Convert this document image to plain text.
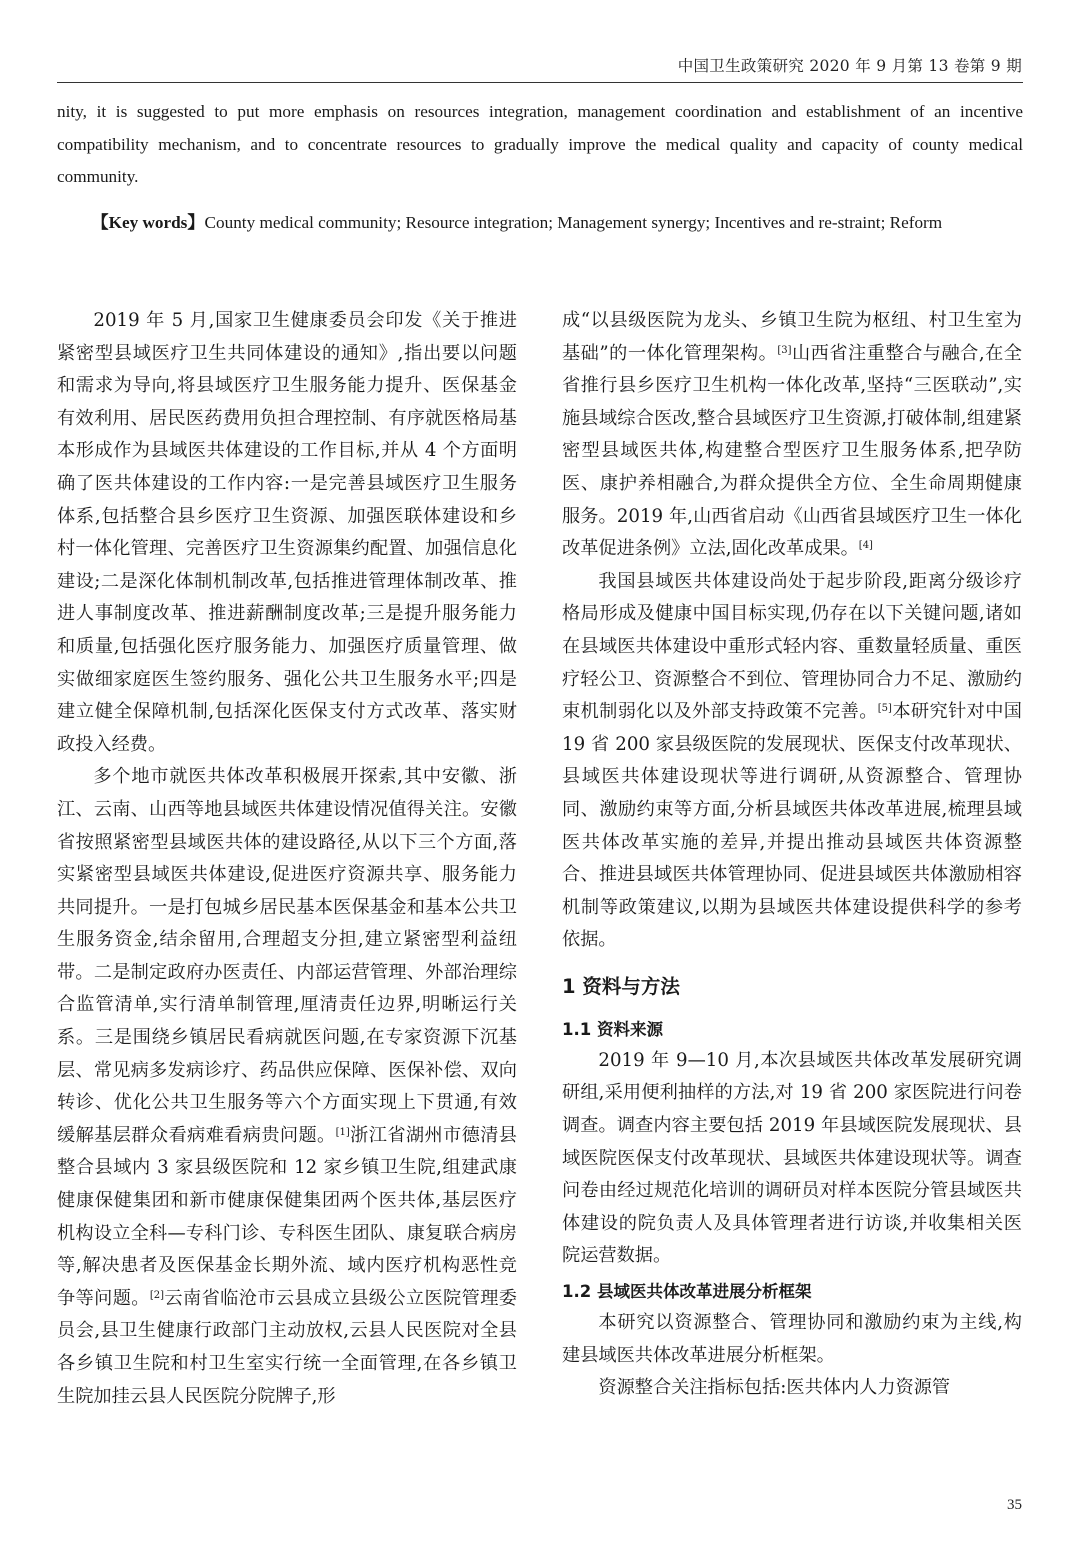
中国卫生政策研究 2020 年 9 月第 13 卷第 9 期

nity, it is suggested to put more emphasis on resources integration, management coordination and establishment of an incentive compatibility mechanism, and to concentrate resources to gradually improve the medical quality and capacity of county medical community.

【Key words】County medical community; Resource integration; Management synergy; Incentives and re-straint; Reform

2019 年 5 月,国家卫生健康委员会印发《关于推进紧密型县域医疗卫生共同体建设的通知》,指出要以问题和需求为导向,将县域医疗卫生服务能力提升、医保基金有效利用、居民医药费用负担合理控制、有序就医格局基本形成作为县域医共体建设的工作目标,并从 4 个方面明确了医共体建设的工作内容:一是完善县域医疗卫生服务体系,包括整合县乡医疗卫生资源、加强医联体建设和乡村一体化管理、完善医疗卫生资源集约配置、加强信息化建设;二是深化体制机制改革,包括推进管理体制改革、推进人事制度改革、推进薪酬制度改革;三是提升服务能力和质量,包括强化医疗服务能力、加强医疗质量管理、做实做细家庭医生签约服务、强化公共卫生服务水平;四是建立健全保障机制,包括深化医保支付方式改革、落实财政投入经费。

多个地市就医共体改革积极展开探索,其中安徽、浙江、云南、山西等地县域医共体建设情况值得关注。安徽省按照紧密型县域医共体的建设路径,从以下三个方面,落实紧密型县域医共体建设,促进医疗资源共享、服务能力共同提升。一是打包城乡居民基本医保基金和基本公共卫生服务资金,结余留用,合理超支分担,建立紧密型利益纽带。二是制定政府办医责任、内部运营管理、外部治理综合监管清单,实行清单制管理,厘清责任边界,明晰运行关系。三是围绕乡镇居民看病就医问题,在专家资源下沉基层、常见病多发病诊疗、药品供应保障、医保补偿、双向转诊、优化公共卫生服务等六个方面实现上下贯通,有效缓解基层群众看病难看病贵问题。[1]浙江省湖州市德清县整合县域内 3 家县级医院和 12 家乡镇卫生院,组建武康健康保健集团和新市健康保健集团两个医共体,基层医疗机构设立全科—专科门诊、专科医生团队、康复联合病房等,解决患者及医保基金长期外流、域内医疗机构恶性竞争等问题。[2]云南省临沧市云县成立县级公立医院管理委员会,县卫生健康行政部门主动放权,云县人民医院对全县各乡镇卫生院和村卫生室实行统一全面管理,在各乡镇卫生院加挂云县人民医院分院牌子,形

成“以县级医院为龙头、乡镇卫生院为枢纽、村卫生室为基础”的一体化管理架构。[3]山西省注重整合与融合,在全省推行县乡医疗卫生机构一体化改革,坚持“三医联动”,实施县域综合医改,整合县域医疗卫生资源,打破体制,组建紧密型县域医共体,构建整合型医疗卫生服务体系,把孕防医、康护养相融合,为群众提供全方位、全生命周期健康服务。2019 年,山西省启动《山西省县域医疗卫生一体化改革促进条例》立法,固化改革成果。[4]

我国县域医共体建设尚处于起步阶段,距离分级诊疗格局形成及健康中国目标实现,仍存在以下关键问题,诸如在县域医共体建设中重形式轻内容、重数量轻质量、重医疗轻公卫、资源整合不到位、管理协同合力不足、激励约束机制弱化以及外部支持政策不完善。[5]本研究针对中国 19 省 200 家县级医院的发展现状、医保支付改革现状、县域医共体建设现状等进行调研,从资源整合、管理协同、激励约束等方面,分析县域医共体改革进展,梳理县域医共体改革实施的差异,并提出推动县域医共体资源整合、推进县域医共体管理协同、促进县域医共体激励相容机制等政策建议,以期为县域医共体建设提供科学的参考依据。

1 资料与方法
1.1 资料来源

2019 年 9—10 月,本次县域医共体改革发展研究调研组,采用便利抽样的方法,对 19 省 200 家医院进行问卷调查。调查内容主要包括 2019 年县域医院发展现状、县域医院医保支付改革现状、县域医共体建设现状等。调查问卷由经过规范化培训的调研员对样本医院分管县域医共体建设的院负责人及具体管理者进行访谈,并收集相关医院运营数据。

1.2 县域医共体改革进展分析框架

本研究以资源整合、管理协同和激励约束为主线,构建县域医共体改革进展分析框架。

资源整合关注指标包括:医共体内人力资源管

35
